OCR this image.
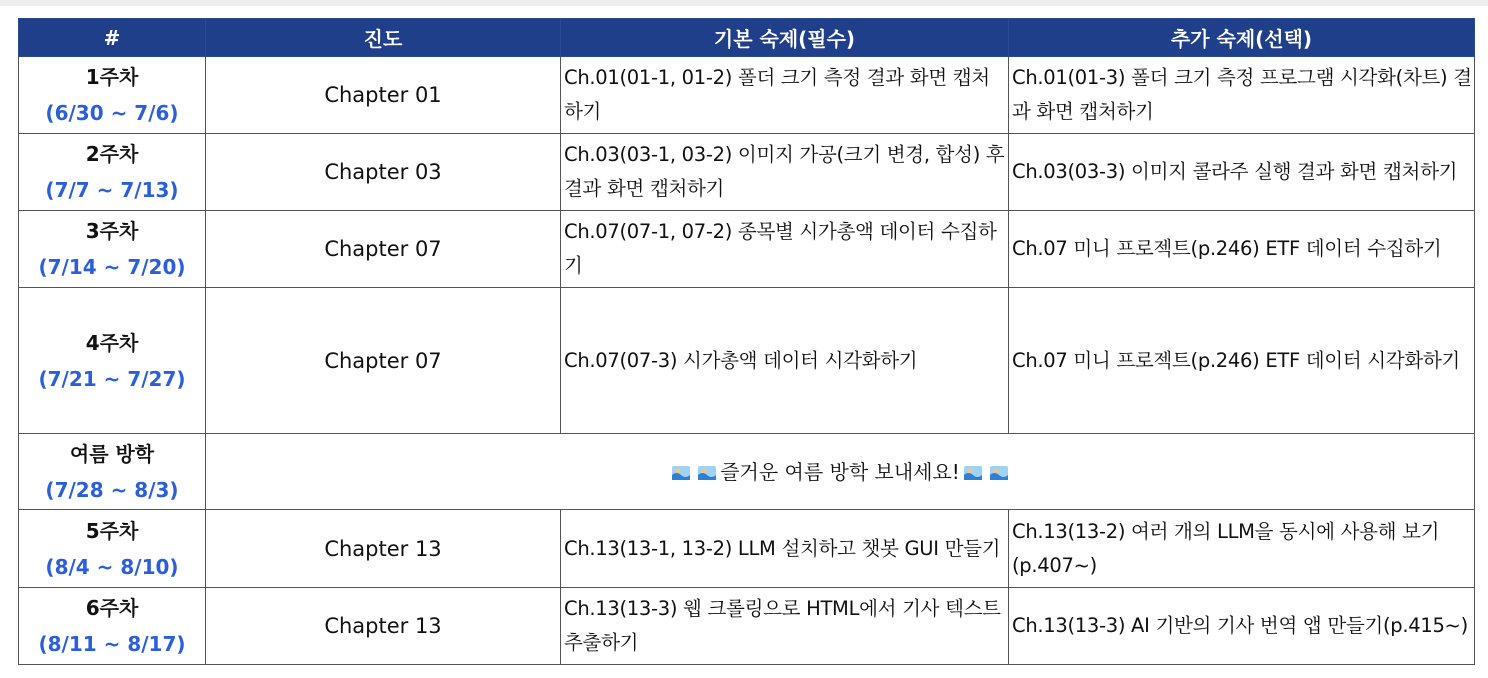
#	진도	기본 숙제(필수)	추가 숙제(선택)

1주차
(6/30 ~ 7/6)	Chapter 01	Ch.01(01-1, 01-2) 폴더 크기 측정 결과 화면 캡처하기	Ch.01(01-3) 폴더 크기 측정 프로그램 시각화(차트) 결과 화면 캡처하기

2주차
(7/7 ~ 7/13)	Chapter 03	Ch.03(03-1, 03-2) 이미지 가공(크기 변경, 합성) 후 결과 화면 캡처하기	Ch.03(03-3) 이미지 콜라주 실행 결과 화면 캡처하기

3주차
(7/14 ~ 7/20)	Chapter 07	Ch.07(07-1, 07-2) 종목별 시가총액 데이터 수집하기	Ch.07 미니 프로젝트(p.246) ETF 데이터 수집하기

4주차
(7/21 ~ 7/27)	Chapter 07	Ch.07(07-3) 시가총액 데이터 시각화하기	Ch.07 미니 프로젝트(p.246) ETF 데이터 시각화하기

여름 방학
(7/28 ~ 8/3)	즐거운 여름 방학 보내세요!		

5주차
(8/4 ~ 8/10)	Chapter 13	Ch.13(13-1, 13-2) LLM 설치하고 챗봇 GUI 만들기	Ch.13(13-2) 여러 개의 LLM을 동시에 사용해 보기(p.407~)

6주차
(8/11 ~ 8/17)	Chapter 13	Ch.13(13-3) 웹 크롤링으로 HTML에서 기사 텍스트 추출하기	Ch.13(13-3) AI 기반의 기사 번역 앱 만들기(p.415~)
